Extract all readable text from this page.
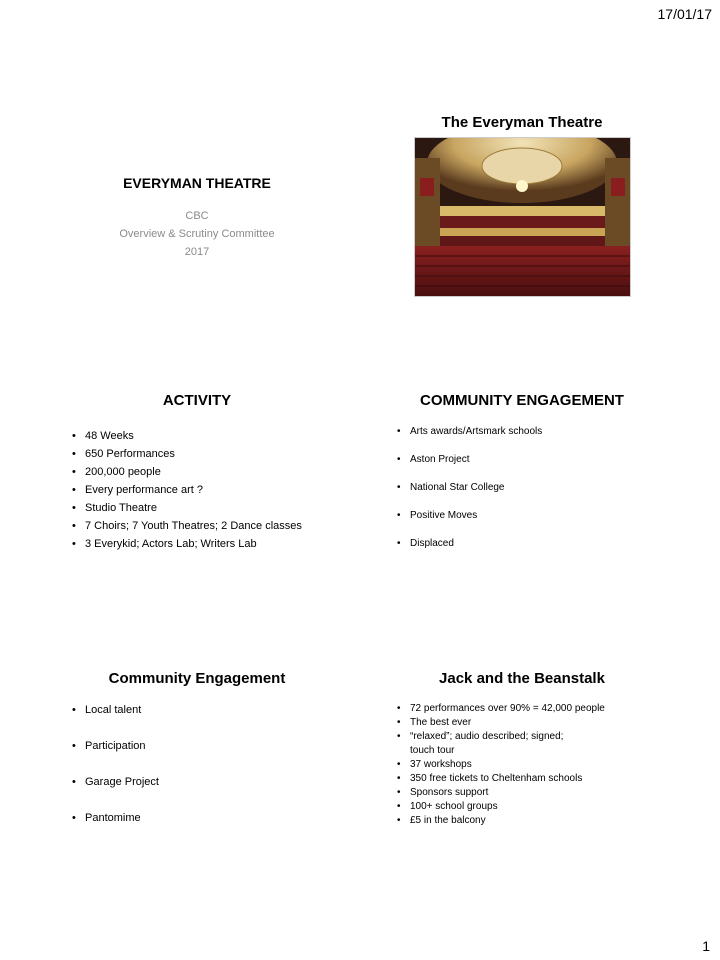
17/01/17
EVERYMAN THEATRE
CBC
Overview & Scrutiny Committee
2017
The Everyman Theatre
ACTIVITY
• 48 Weeks
• 650 Performances
• 200,000 people
• Every performance art ?
• Studio Theatre
• 7 Choirs; 7 Youth Theatres; 2 Dance classes
• 3 Everykid; Actors Lab; Writers Lab
COMMUNITY ENGAGEMENT
• Arts awards/Artsmark schools
• Aston Project
• National Star College
• Positive Moves
• Displaced
Community Engagement
• Local talent
• Participation
• Garage Project
• Pantomime
Jack and the Beanstalk
• 72 performances over 90% = 42,000 people
• The best ever
• “relaxed”; audio described; signed;
touch tour
• 37 workshops
• 350 free tickets to Cheltenham schools
• Sponsors support
• 100+ school groups
• £5 in the balcony
1
